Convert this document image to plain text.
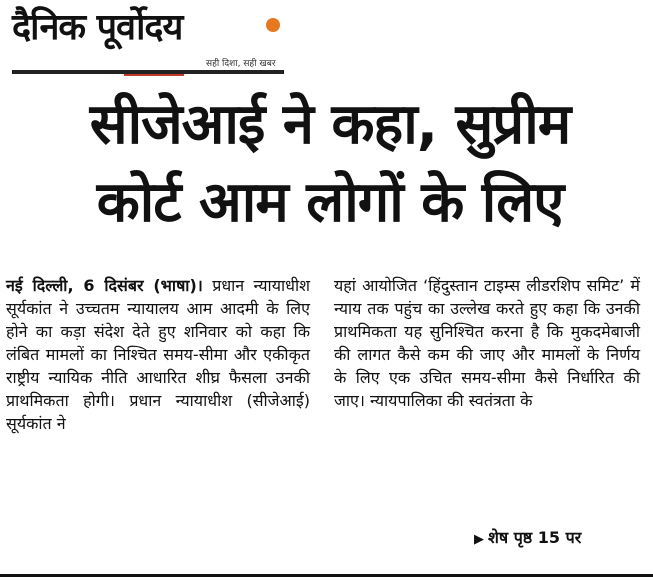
दैनिक पूर्वोदय
सही दिशा, सही खबर
सीजेआई ने कहा, सुप्रीम
कोर्ट आम लोगों के लिए
नई दिल्ली, 6 दिसंबर (भाषा)। प्रधान न्यायाधीश सूर्यकांत ने उच्चतम न्यायालय आम आदमी के लिए होने का कड़ा संदेश देते हुए शनिवार को कहा कि लंबित मामलों का निश्चित समय-सीमा और एकीकृत राष्ट्रीय न्यायिक नीति आधारित शीघ्र फैसला उनकी प्राथमिकता होगी। प्रधान न्यायाधीश (सीजेआई) सूर्यकांत ने
यहां आयोजित ‘हिंदुस्तान टाइम्स लीडरशिप समिट’ में न्याय तक पहुंच का उल्लेख करते हुए कहा कि उनकी प्राथमिकता यह सुनिश्चित करना है कि मुकदमेबाजी की लागत कैसे कम की जाए और मामलों के निर्णय के लिए एक उचित समय-सीमा कैसे निर्धारित की जाए। न्यायपालिका की स्वतंत्रता के
▶ शेष पृष्ठ 15 पर
